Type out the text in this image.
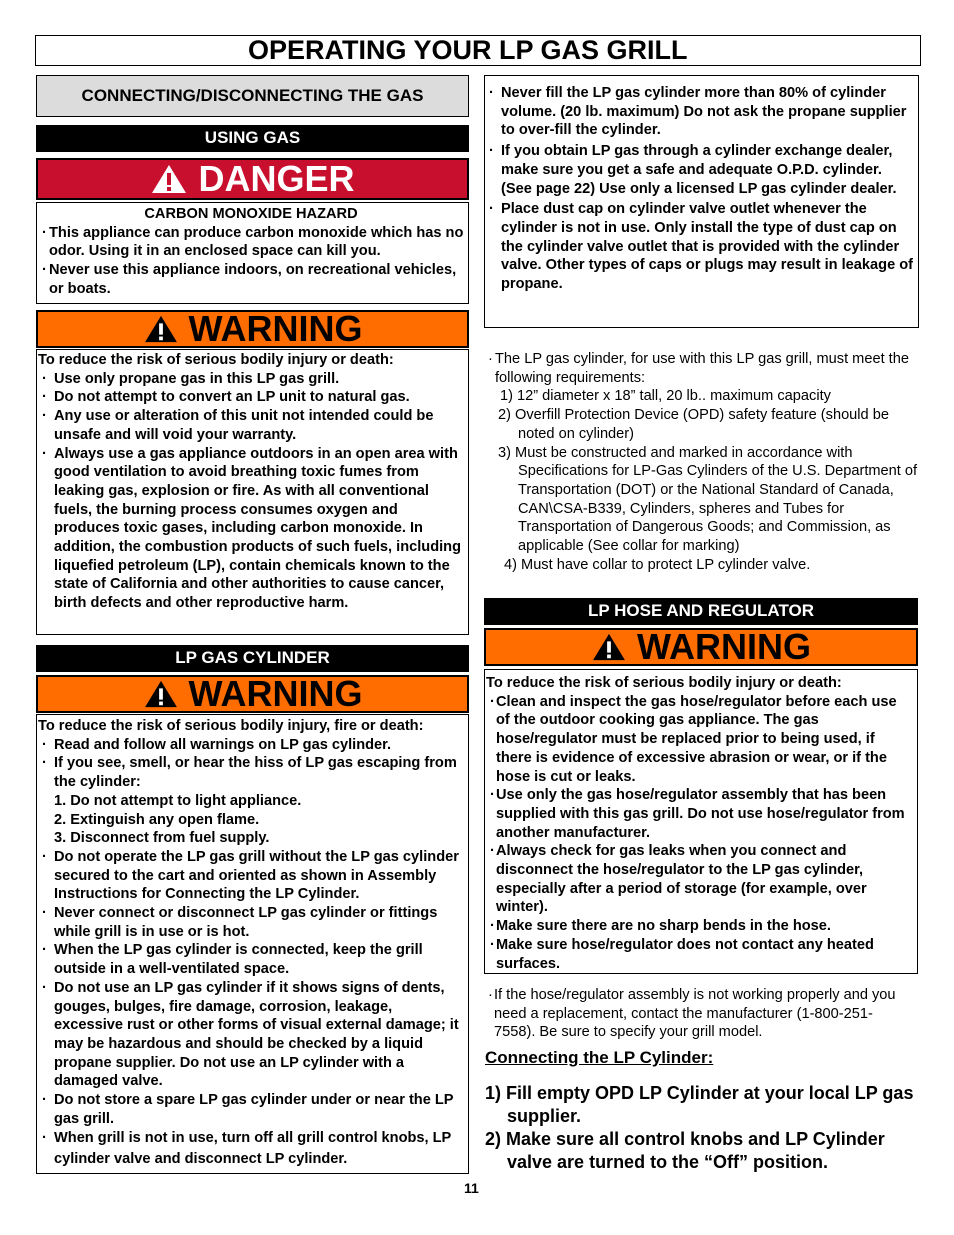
OPERATING YOUR LP GAS GRILL
CONNECTING/DISCONNECTING THE GAS
USING GAS
DANGER

CARBON MONOXIDE HAZARD

· This appliance can produce carbon monoxide which has no odor. Using it in an enclosed space can kill you.

· Never use this appliance indoors, on recreational vehicles, or boats.

WARNING

To reduce the risk of serious bodily injury or death:

· Use only propane gas in this LP gas grill.

· Do not attempt to convert an LP unit to natural gas.

· Any use or alteration of this unit not intended could be unsafe and will void your warranty.

· Always use a gas appliance outdoors in an open area with good ventilation to avoid breathing toxic fumes from leaking gas, explosion or fire. As with all conventional fuels, the burning process consumes oxygen and produces toxic gases, including carbon monoxide. In addition, the combustion products of such fuels, including liquefied petroleum (LP), contain chemicals known to the state of California and other authorities to cause cancer, birth defects and other reproductive harm.

LP GAS CYLINDER
WARNING

To reduce the risk of serious bodily injury, fire or death:

· Read and follow all warnings on LP gas cylinder.

· If you see, smell, or hear the hiss of LP gas escaping from the cylinder:

1. Do not attempt to light appliance.

2. Extinguish any open flame.

3. Disconnect from fuel supply.

· Do not operate the LP gas grill without the LP gas cylinder secured to the cart and oriented as shown in Assembly Instructions for Connecting the LP Cylinder.

· Never connect or disconnect LP gas cylinder or fittings while grill is in use or is hot.

· When the LP gas cylinder is connected, keep the grill outside in a well-ventilated space.

· Do not use an LP gas cylinder if it shows signs of dents, gouges, bulges, fire damage, corrosion, leakage, excessive rust or other forms of visual external damage; it may be hazardous and should be checked by a liquid propane supplier. Do not use an LP cylinder with a damaged valve.

· Do not store a spare LP gas cylinder under or near the LP gas grill.

· When grill is not in use, turn off all grill control knobs, LP cylinder valve and disconnect LP cylinder.

· Never fill the LP gas cylinder more than 80% of cylinder volume. (20 lb. maximum) Do not ask the propane supplier to over-fill the cylinder.

· If you obtain LP gas through a cylinder exchange dealer, make sure you get a safe and adequate O.P.D. cylinder. (See page 22) Use only a licensed LP gas cylinder dealer.

· Place dust cap on cylinder valve outlet whenever the cylinder is not in use. Only install the type of dust cap on the cylinder valve outlet that is provided with the cylinder valve. Other types of caps or plugs may result in leakage of propane.

· The LP gas cylinder, for use with this LP gas grill, must meet the following requirements:

1) 12” diameter x 18” tall, 20 lb.. maximum capacity

2) Overfill Protection Device (OPD) safety feature (should be noted on cylinder)

3) Must be constructed and marked in accordance with Specifications for LP-Gas Cylinders of the U.S. Department of Transportation (DOT) or the National Standard of Canada, CAN\CSA-B339, Cylinders, spheres and Tubes for Transportation of Dangerous Goods; and Commission, as applicable (See collar for marking)

4) Must have collar to protect LP cylinder valve.

LP HOSE AND REGULATOR
WARNING

To reduce the risk of serious bodily injury or death:

· Clean and inspect the gas hose/regulator before each use of the outdoor cooking gas appliance. The gas hose/regulator must be replaced prior to being used, if there is evidence of excessive abrasion or wear, or if the hose is cut or leaks.

· Use only the gas hose/regulator assembly that has been supplied with this gas grill. Do not use hose/regulator from another manufacturer.

· Always check for gas leaks when you connect and disconnect the hose/regulator to the LP gas cylinder, especially after a period of storage (for example, over winter).

· Make sure there are no sharp bends in the hose.

· Make sure hose/regulator does not contact any heated surfaces.

· If the hose/regulator assembly is not working properly and you need a replacement, contact the manufacturer (1-800-251-7558). Be sure to specify your grill model.

Connecting the LP Cylinder:

1) Fill empty OPD LP Cylinder at your local LP gas supplier.

2) Make sure all control knobs and LP Cylinder valve are turned to the “Off” position.

11
